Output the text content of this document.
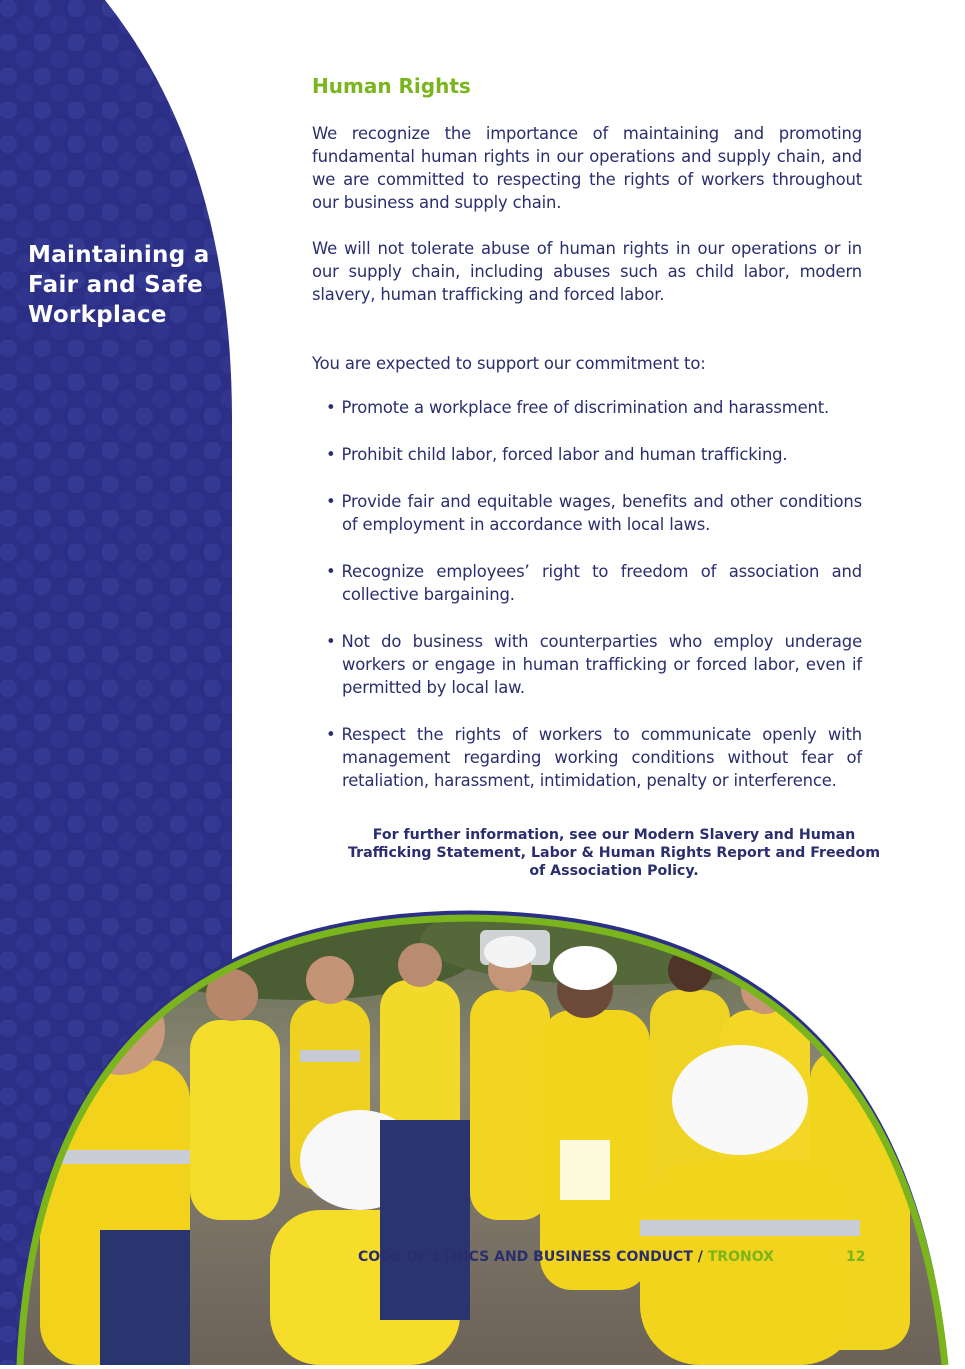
Maintaining a Fair and Safe Workplace
Human Rights

We recognize the importance of maintaining and promoting fundamental human rights in our operations and supply chain, and we are committed to respecting the rights of workers throughout our business and supply chain.

We will not tolerate abuse of human rights in our operations or in our supply chain, including abuses such as child labor, modern slavery, human trafficking and forced labor.

You are expected to support our commitment to:

• Promote a workplace free of discrimination and harassment.
• Prohibit child labor, forced labor and human trafficking.
• Provide fair and equitable wages, benefits and other conditions of employment in accordance with local laws.
• Recognize employees’ right to freedom of association and collective bargaining.
• Not do business with counterparties who employ underage workers or engage in human trafficking or forced labor, even if permitted by local law.
• Respect the rights of workers to communicate openly with management regarding working conditions without fear of retaliation, harassment, intimidation, penalty or interference.
For further information, see our Modern Slavery and Human Trafficking Statement, Labor & Human Rights Report and Freedom of Association Policy.
CODE OF ETHICS AND BUSINESS CONDUCT / TRONOX	12
